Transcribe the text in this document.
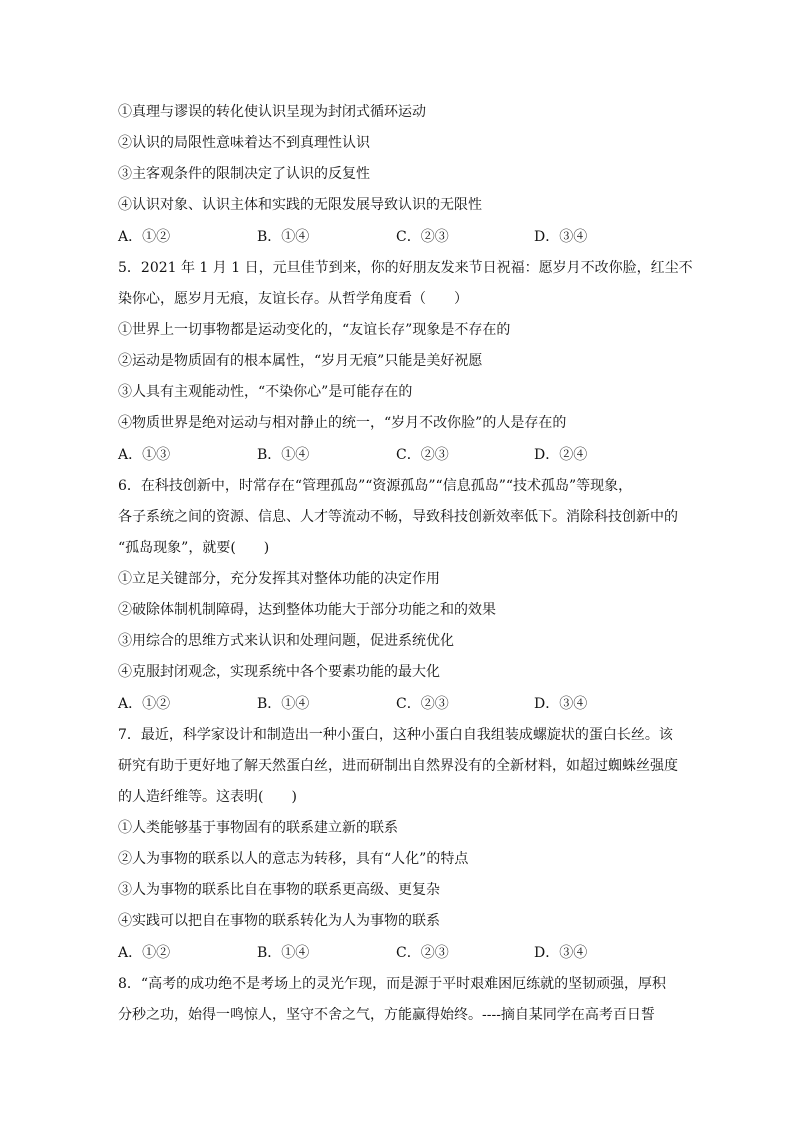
①真理与谬误的转化使认识呈现为封闭式循环运动
②认识的局限性意味着达不到真理性认识
③主客观条件的限制决定了认识的反复性
④认识对象、认识主体和实践的无限发展导致认识的无限性
A．①②	B．①④	C．②③	D．③④
5．2021 年 1 月 1 日，元旦佳节到来，你的好朋友发来节日祝福：愿岁月不改你脸，红尘不
染你心，愿岁月无痕，友谊长存。从哲学角度看（　　）
①世界上一切事物都是运动变化的，“友谊长存”现象是不存在的
②运动是物质固有的根本属性，“岁月无痕”只能是美好祝愿
③人具有主观能动性，“不染你心”是可能存在的
④物质世界是绝对运动与相对静止的统一，“岁月不改你脸”的人是存在的
A．①③	B．①④	C．②③	D．②④
6．在科技创新中，时常存在“管理孤岛”“资源孤岛”“信息孤岛”“技术孤岛”等现象，
各子系统之间的资源、信息、人才等流动不畅，导致科技创新效率低下。消除科技创新中的
“孤岛现象”，就要(　　)
①立足关键部分，充分发挥其对整体功能的决定作用
②破除体制机制障碍，达到整体功能大于部分功能之和的效果
③用综合的思维方式来认识和处理问题，促进系统优化
④克服封闭观念，实现系统中各个要素功能的最大化
A．①②	B．①④	C．②③	D．③④
7．最近，科学家设计和制造出一种小蛋白，这种小蛋白自我组装成螺旋状的蛋白长丝。该
研究有助于更好地了解天然蛋白丝，进而研制出自然界没有的全新材料，如超过蜘蛛丝强度
的人造纤维等。这表明(　　)
①人类能够基于事物固有的联系建立新的联系
②人为事物的联系以人的意志为转移，具有“人化”的特点
③人为事物的联系比自在事物的联系更高级、更复杂
④实践可以把自在事物的联系转化为人为事物的联系
A．①②	B．①④	C．②③	D．③④
8．“高考的成功绝不是考场上的灵光乍现，而是源于平时艰难困厄练就的坚韧顽强，厚积
分秒之功，始得一鸣惊人，坚守不舍之气，方能赢得始终。----摘自某同学在高考百日誓
